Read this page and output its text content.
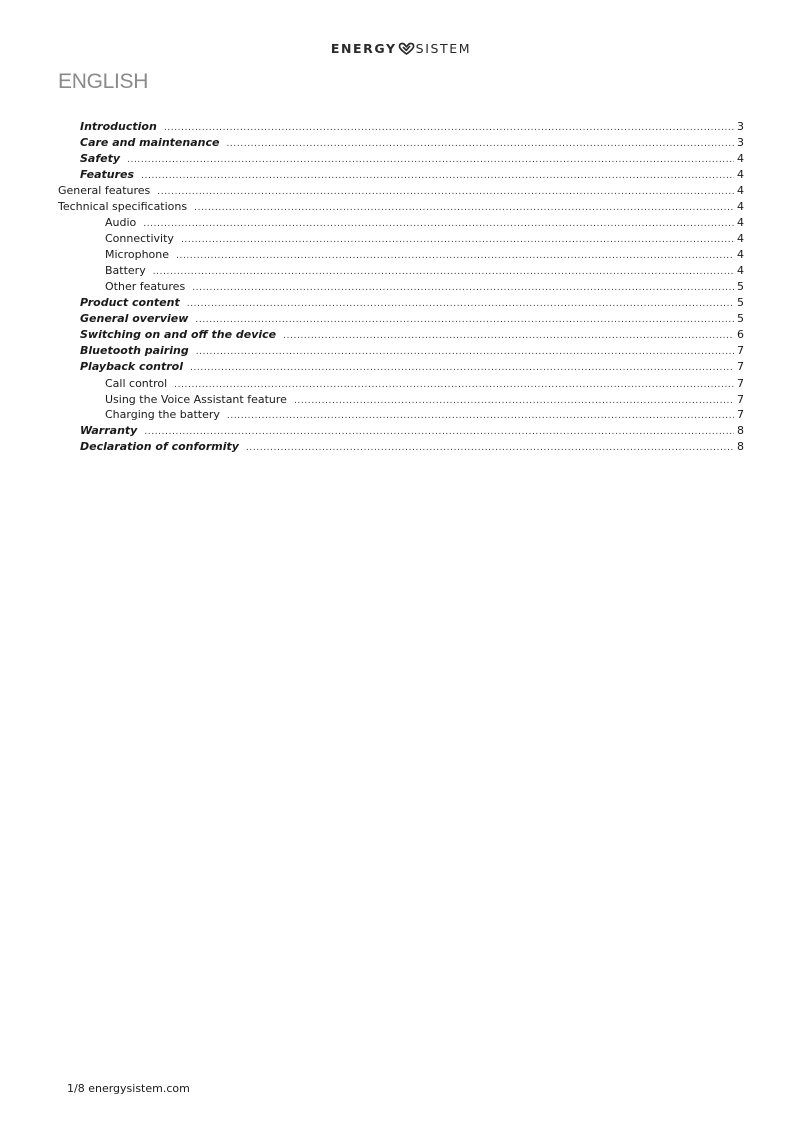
ENERGY SISTEM
ENGLISH
Introduction .....	3
Care and maintenance .....	3
Safety .....	4
Features .....	4
General features .....	4
Technical specifications .....	4
Audio .....	4
Connectivity .....	4
Microphone .....	4
Battery .....	4
Other features .....	5
Product content .....	5
General overview .....	5
Switching on and off the device .....	6
Bluetooth pairing .....	7
Playback control .....	7
Call control .....	7
Using the Voice Assistant feature .....	7
Charging the battery .....	7
Warranty .....	8
Declaration of conformity .....	8
1/8 energysistem.com
